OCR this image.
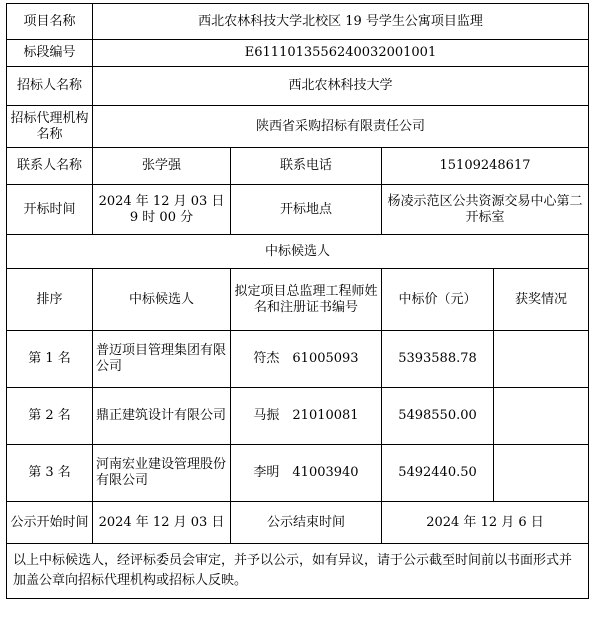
项目名称	西北农林科技大学北校区 19 号学生公寓项目监理			
标段编号	E6111013556240032001001			
招标人名称	西北农林科技大学			
招标代理机构名称	陕西省采购招标有限责任公司			
联系人名称	张学强	联系电话	15109248617	
开标时间	2024 年 12 月 03 日 9 时 00 分	开标地点	杨凌示范区公共资源交易中心第二开标室	
中标候选人				
排序	中标候选人	拟定项目总监理工程师姓名和注册证书编号	中标价（元）	获奖情况
第 1 名	普迈项目管理集团有限公司	符杰　61005093	5393588.78	
第 2 名	鼎正建筑设计有限公司	马振　21010081	5498550.00	
第 3 名	河南宏业建设管理股份有限公司	李明　41003940	5492440.50	
公示开始时间	2024 年 12 月 03 日	公示结束时间	2024 年 12 月 6 日	
以上中标候选人，经评标委员会审定，并予以公示，如有异议，请于公示截至时间前以书面形式并加盖公章向招标代理机构或招标人反映。				
